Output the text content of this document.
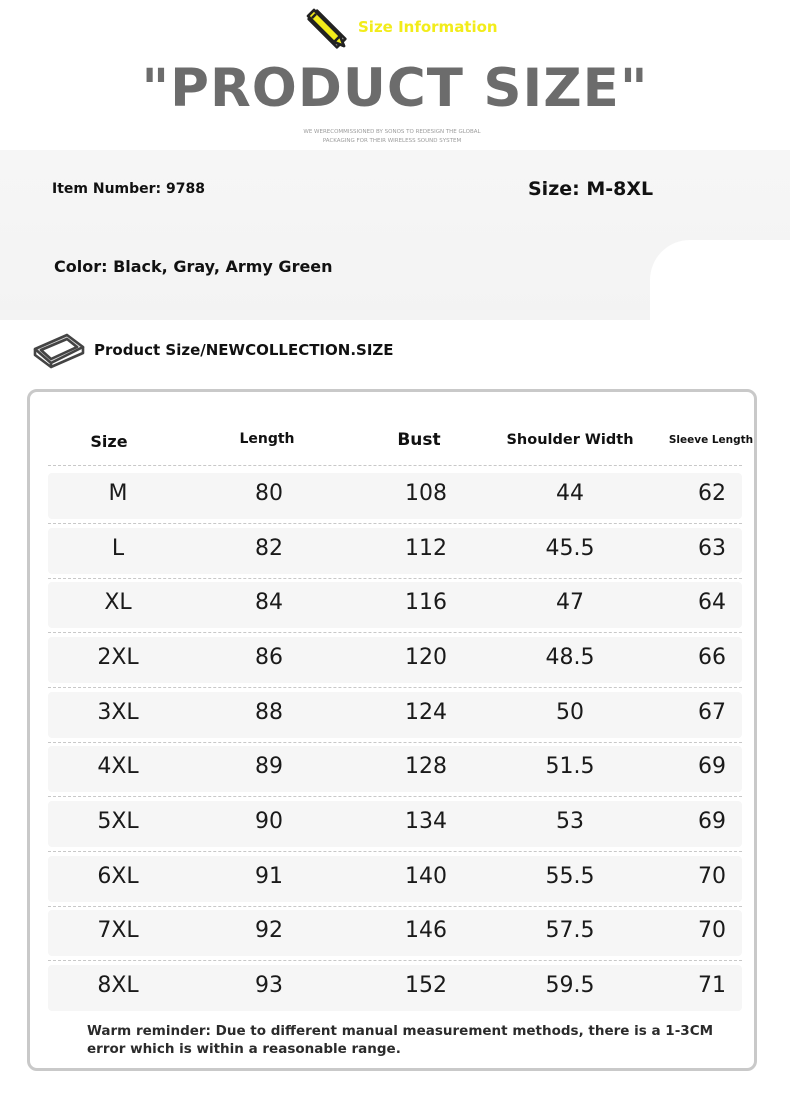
Size Information
"PRODUCT SIZE"
WE WERECOMMISSIONED BY SONOS TO REDESIGN THE GLOBAL
PACKAGING FOR THEIR WIRELESS SOUND SYSTEM
Item Number: 9788	Size: M-8XL
Color: Black, Gray, Army Green
Product Size/NEWCOLLECTION.SIZE
Size	Length	Bust	Shoulder Width	Sleeve Length
M	80	108	44	62
L	82	112	45.5	63
XL	84	116	47	64
2XL	86	120	48.5	66
3XL	88	124	50	67
4XL	89	128	51.5	69
5XL	90	134	53	69
6XL	91	140	55.5	70
7XL	92	146	57.5	70
8XL	93	152	59.5	71
Warm reminder: Due to different manual measurement methods, there is a 1-3CM error which is within a reasonable range.
